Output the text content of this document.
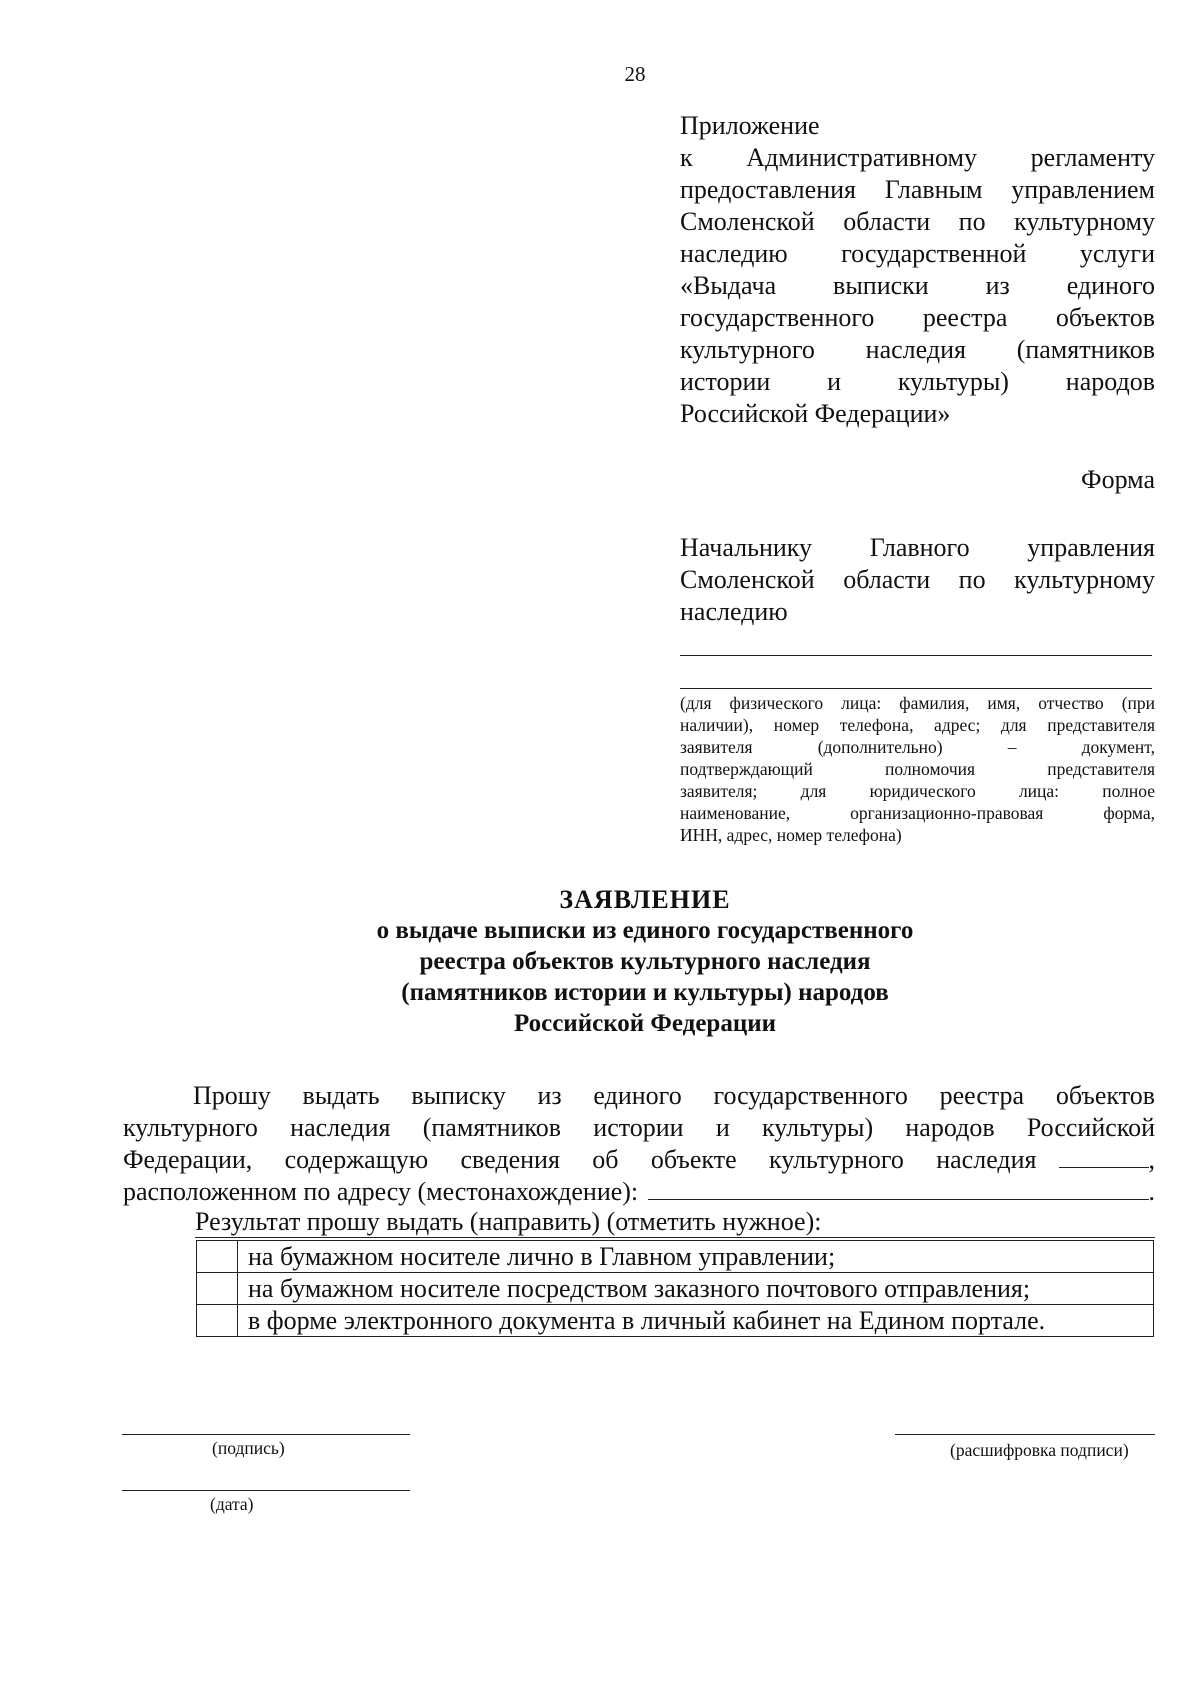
28
Приложение
к Административному регламенту
предоставления Главным управлением
Смоленской области по культурному
наследию государственной услуги
«Выдача выписки из единого
государственного реестра объектов
культурного наследия (памятников
истории и культуры) народов
Российской Федерации»
Форма
Начальнику Главного управления
Смоленской области по культурному
наследию
(для физического лица: фамилия, имя, отчество (при
наличии), номер телефона, адрес; для представителя
заявителя (дополнительно) – документ,
подтверждающий полномочия представителя
заявителя; для юридического лица: полное
наименование, организационно-правовая форма,
ИНН, адрес, номер телефона)
ЗАЯВЛЕНИЕ
о выдаче выписки из единого государственного
реестра объектов культурного наследия
(памятников истории и культуры) народов
Российской Федерации
Прошу выдать выписку из единого государственного реестра объектов
культурного наследия (памятников истории и культуры) народов Российской
Федерации, содержащую сведения об объекте культурного наследия	,
расположенном по адресу (местонахождение):	.
Результат прошу выдать (направить) (отметить нужное):
	на бумажном носителе лично в Главном управлении;
	на бумажном носителе посредством заказного почтового отправления;
	в форме электронного документа в личный кабинет на Едином портале.
(подпись)	(расшифровка подписи)
(дата)
